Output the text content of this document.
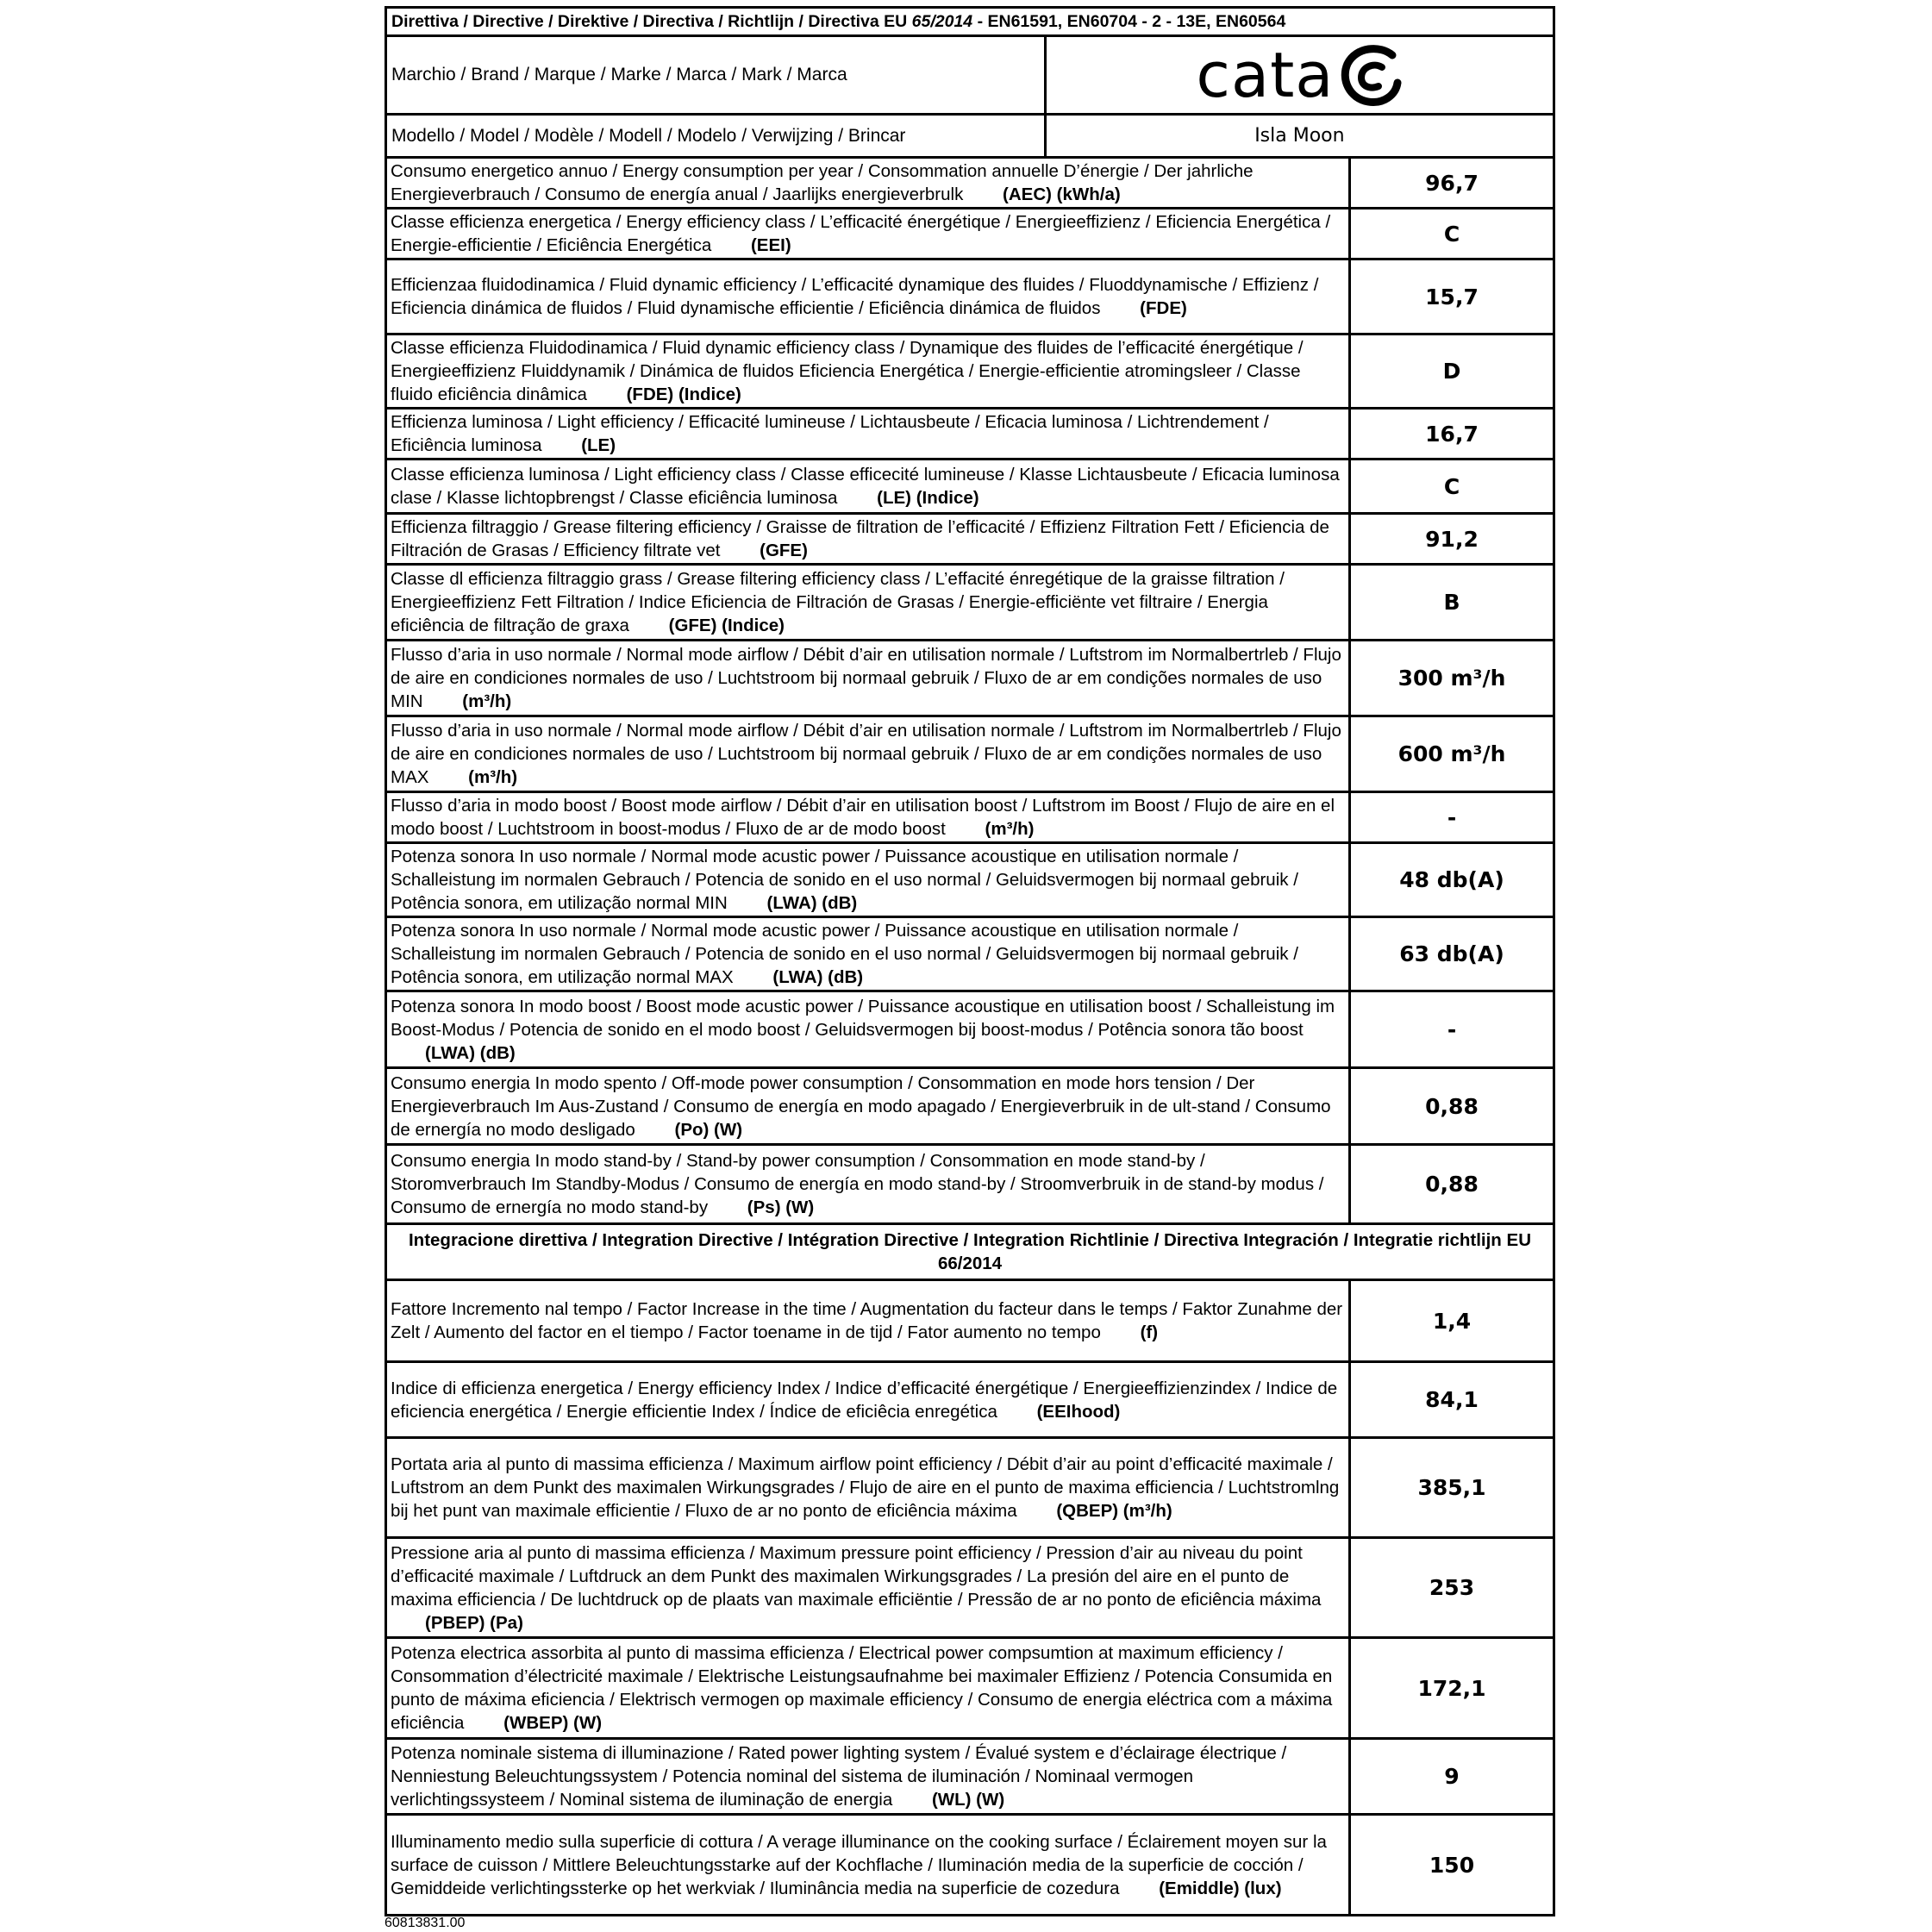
Direttiva / Directive / Direktive / Directiva / Richtlijn / Directiva EU 65/2014 - EN61591, EN60704 - 2 - 13E, EN60564

Marchio / Brand / Marque / Marke / Marca / Mark / Marca	cata

Modello / Model / Modèle / Modell / Modelo / Verwijzing / Brincar	Isla Moon

Consumo energetico annuo / Energy consumption per year / Consommation annuelle D’énergie / Der jahrliche Energieverbrauch / Consumo de energía anual / Jaarlijks energieverbrulk (AEC) (kWh/a)	96,7
Classe efficienza energetica / Energy efficiency class / L’efficacité énergétique / Energieeffizienz / Eficiencia Energética / Energie-efficientie / Eficiência Energética (EEI)	C
Efficienzaa fluidodinamica / Fluid dynamic efficiency / L’efficacité dynamique des fluides / Fluoddynamische / Effizienz / Eficiencia dinámica de fluidos / Fluid dynamische efficientie / Eficiência dinámica de fluidos (FDE)	15,7
Classe efficienza Fluidodinamica / Fluid dynamic efficiency class / Dynamique des fluides de l’efficacité énergétique / Energieeffizienz Fluiddynamik / Dinámica de fluidos Eficiencia Energética / Energie-efficientie atromingsleer / Classe fluido eficiência dinâmica (FDE) (Indice)	D
Efficienza luminosa / Light efficiency / Efficacité lumineuse / Lichtausbeute / Eficacia luminosa / Lichtrendement / Eficiência luminosa (LE)	16,7
Classe efficienza luminosa / Light efficiency class / Classe efficecité lumineuse / Klasse Lichtausbeute / Eficacia luminosa clase / Klasse lichtopbrengst / Classe eficiência luminosa (LE) (Indice)	C
Efficienza filtraggio / Grease filtering efficiency / Graisse de filtration de l’efficacité / Effizienz Filtration Fett / Eficiencia de Filtración de Grasas / Efficiency filtrate vet (GFE)	91,2
Classe dl efficienza filtraggio grass / Grease filtering efficiency class / L’effacité énregétique de la graisse filtration / Energieeffizienz Fett Filtration / Indice Eficiencia de Filtración de Grasas / Energie-efficiënte vet filtraire / Energia eficiência de filtração de graxa (GFE) (Indice)	B
Flusso d’aria in uso normale / Normal mode airflow / Débit d’air en utilisation normale / Luftstrom im Normalbertrleb / Flujo de aire en condiciones normales de uso / Luchtstroom bij normaal gebruik / Fluxo de ar em condições normales de uso MIN (m³/h)	300 m³/h
Flusso d’aria in uso normale / Normal mode airflow / Débit d’air en utilisation normale / Luftstrom im Normalbertrleb / Flujo de aire en condiciones normales de uso / Luchtstroom bij normaal gebruik / Fluxo de ar em condições normales de uso MAX (m³/h)	600 m³/h
Flusso d’aria in modo boost / Boost mode airflow / Débit d’air en utilisation boost / Luftstrom im Boost / Flujo de aire en el modo boost / Luchtstroom in boost-modus / Fluxo de ar de modo boost (m³/h)	-
Potenza sonora In uso normale / Normal mode acustic power / Puissance acoustique en utilisation normale / Schalleistung im normalen Gebrauch / Potencia de sonido en el uso normal / Geluidsvermogen bij normaal gebruik / Potência sonora, em utilização normal MIN (LWA) (dB)	48 db(A)
Potenza sonora In uso normale / Normal mode acustic power / Puissance acoustique en utilisation normale / Schalleistung im normalen Gebrauch / Potencia de sonido en el uso normal / Geluidsvermogen bij normaal gebruik / Potência sonora, em utilização normal MAX (LWA) (dB)	63 db(A)
Potenza sonora In modo boost / Boost mode acustic power / Puissance acoustique en utilisation boost / Schalleistung im Boost-Modus / Potencia de sonido en el modo boost / Geluidsvermogen bij boost-modus / Potência sonora tão boost (LWA) (dB)	-
Consumo energia In modo spento / Off-mode power consumption / Consommation en mode hors tension / Der Energieverbrauch Im Aus-Zustand / Consumo de energía en modo apagado / Energieverbruik in de ult-stand / Consumo de ernergía no modo desligado (Po) (W)	0,88
Consumo energia In modo stand-by / Stand-by power consumption / Consommation en mode stand-by / Storomverbrauch Im Standby-Modus / Consumo de energía en modo stand-by / Stroomverbruik in de stand-by modus / Consumo de ernergía no modo stand-by (Ps) (W)	0,88
Integracione direttiva / Integration Directive / Intégration Directive / Integration Richtlinie / Directiva Integración / Integratie richtlijn EU 66/2014
Fattore Incremento nal tempo / Factor Increase in the time / Augmentation du facteur dans le temps / Faktor Zunahme der Zelt / Aumento del factor en el tiempo / Factor toename in de tijd / Fator aumento no tempo (f)	1,4
Indice di efficienza energetica / Energy efficiency Index / Indice d’efficacité énergétique / Energieeffizienzindex / Indice de eficiencia energética / Energie efficientie Index / Índice de eficiêcia enregética (EEIhood)	84,1
Portata aria al punto di massima efficienza / Maximum airflow point efficiency / Débit d’air au point d’efficacité maximale / Luftstrom an dem Punkt des maximalen Wirkungsgrades / Flujo de aire en el punto de maxima efficiencia / Luchtstromlng bij het punt van maximale efficientie / Fluxo de ar no ponto de eficiência máxima (QBEP) (m³/h)	385,1
Pressione aria al punto di massima efficienza / Maximum pressure point efficiency / Pression d’air au niveau du point d’efficacité maximale / Luftdruck an dem Punkt des maximalen Wirkungsgrades / La presión del aire en el punto de maxima efficiencia / De luchtdruck op de plaats van maximale efficiëntie / Pressão de ar no ponto de eficiência máxima (PBEP) (Pa)	253
Potenza electrica assorbita al punto di massima efficienza / Electrical power compsumtion at maximum efficiency / Consommation d’électricité maximale / Elektrische Leistungsaufnahme bei maximaler Effizienz / Potencia Consumida en punto de máxima eficiencia / Elektrisch vermogen op maximale efficiency / Consumo de energia eléctrica com a máxima eficiência (WBEP) (W)	172,1
Potenza nominale sistema di illuminazione / Rated power lighting system / Évalué system e d’éclairage électrique / Nenniestung Beleuchtungssystem / Potencia nominal del sistema de iluminación / Nominaal vermogen verlichtingssysteem / Nominal sistema de iluminação de energia (WL) (W)	9
Illuminamento medio sulla superficie di cottura / A verage illuminance on the cooking surface / Éclairement moyen sur la surface de cuisson / Mittlere Beleuchtungsstarke auf der Kochflache / Iluminación media de la superficie de cocción / Gemiddeide verlichtingssterke op het werkviak / Iluminância media na superficie de cozedura (Emiddle) (lux)	150
60813831.00
